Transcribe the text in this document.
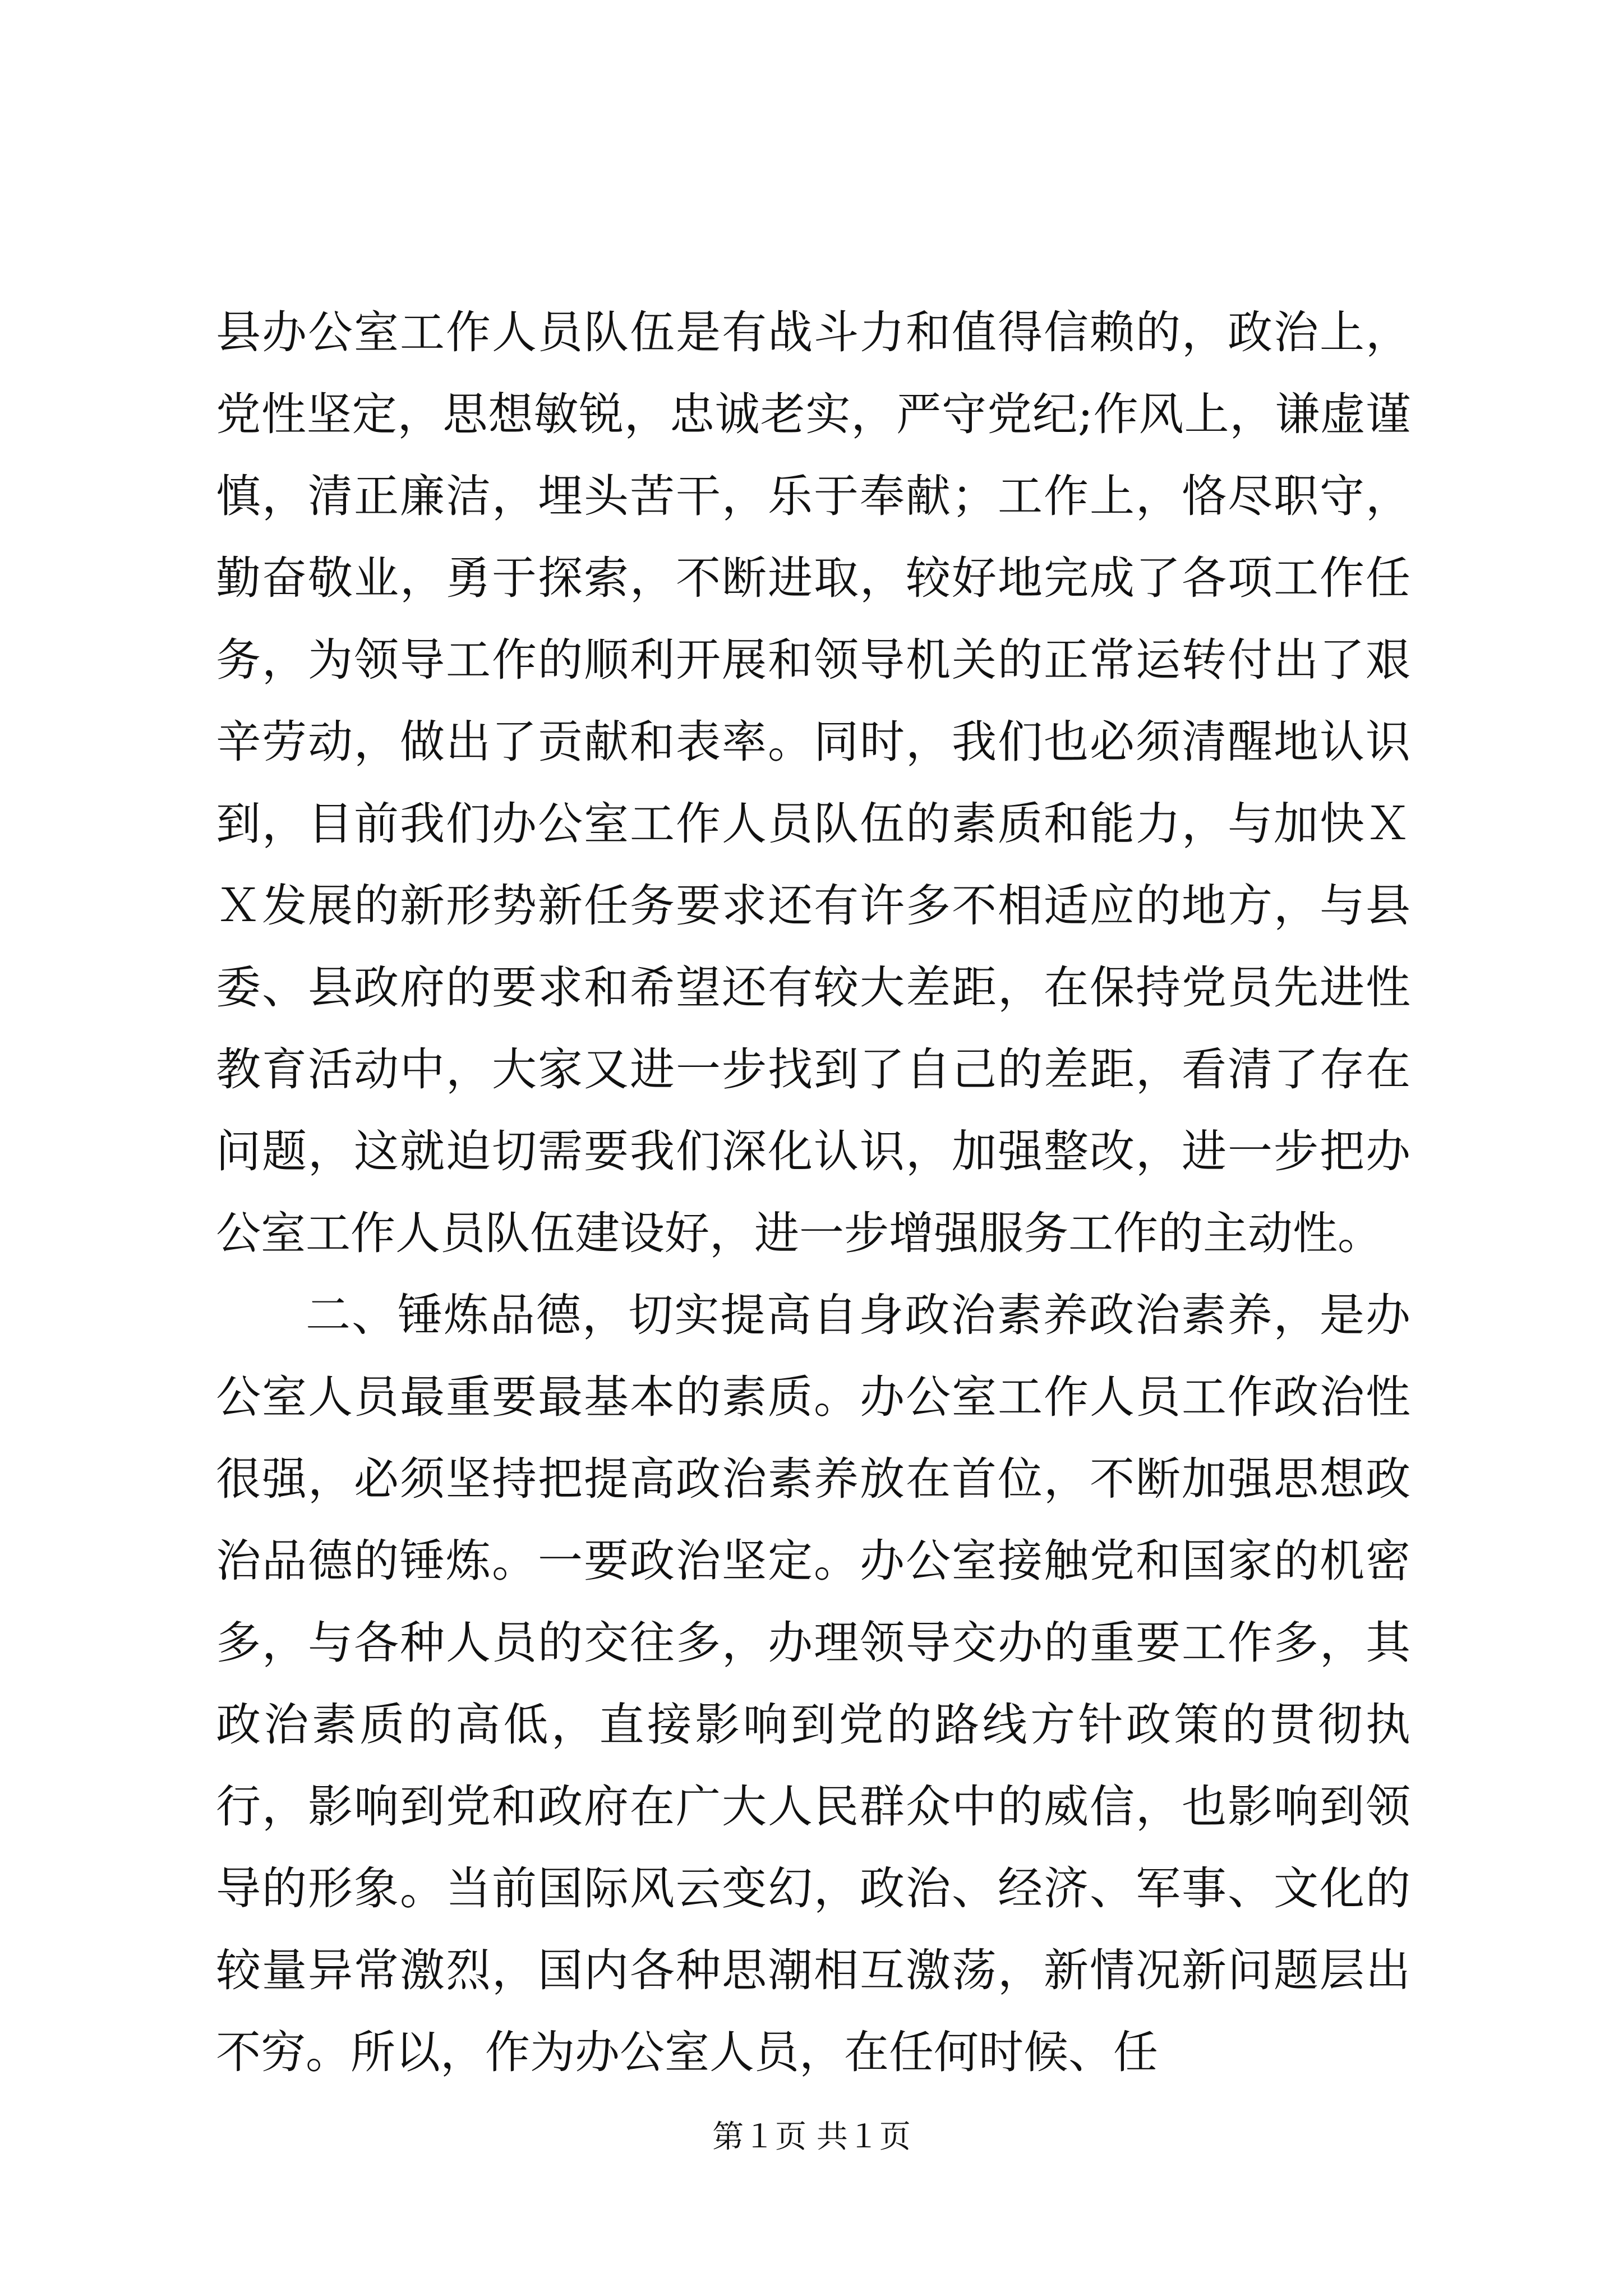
县办公室工作人员队伍是有战斗力和值得信赖的，政治上，党性坚定，思想敏锐，忠诚老实，严守党纪;作风上，谦虚谨慎，清正廉洁，埋头苦干，乐于奉献；工作上，恪尽职守，勤奋敬业，勇于探索，不断进取，较好地完成了各项工作任务，为领导工作的顺利开展和领导机关的正常运转付出了艰辛劳动，做出了贡献和表率。同时，我们也必须清醒地认识到，目前我们办公室工作人员队伍的素质和能力，与加快ＸＸ发展的新形势新任务要求还有许多不相适应的地方，与县委、县政府的要求和希望还有较大差距，在保持党员先进性教育活动中，大家又进一步找到了自己的差距，看清了存在问题，这就迫切需要我们深化认识，加强整改，进一步把办公室工作人员队伍建设好，进一步增强服务工作的主动性。

二、锤炼品德，切实提高自身政治素养政治素养，是办公室人员最重要最基本的素质。办公室工作人员工作政治性很强，必须坚持把提高政治素养放在首位，不断加强思想政治品德的锤炼。一要政治坚定。办公室接触党和国家的机密多，与各种人员的交往多，办理领导交办的重要工作多，其政治素质的高低，直接影响到党的路线方针政策的贯彻执行，影响到党和政府在广大人民群众中的威信，也影响到领导的形象。当前国际风云变幻，政治、经济、军事、文化的较量异常激烈，国内各种思潮相互激荡，新情况新问题层出不穷。所以，作为办公室人员，在任何时候、任

第１页 共１页
